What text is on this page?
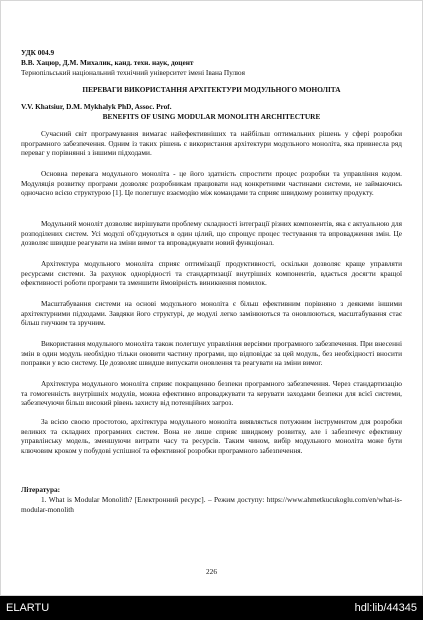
УДК 004.9

В.В. Хацюр, Д.М. Михалик, канд. техн. наук, доцент

Тернопільський національний технічний університет імені Івана Пулюя

ПЕРЕВАГИ ВИКОРИСТАННЯ АРХІТЕКТУРИ МОДУЛЬНОГО МОНОЛІТА

V.V. Khatsiur, D.M. Mykhalyk PhD, Assoc. Prof.

BENEFITS OF USING MODULAR MONOLITH ARCHITECTURE

Сучасний світ програмування вимагає найефективніших та найбільш оптимальних рішень у сфері розробки програмного забезпечення. Одним із таких рішень є використання архітектури модульного моноліта, яка привнесла ряд переваг у порівнянні з іншими підходами.

Основна перевага модульного моноліта - це його здатність спростити процес розробки та управління кодом. Модуляція розвитку програми дозволяє розробникам працювати над конкретними частинами системи, не займаючись одночасно всією структурою [1]. Це полегшує взаємодію між командами та сприяє швидкому розвитку продукту.

Модульний моноліт дозволяє вирішувати проблему складності інтеграції різних компонентів, яка є актуальною для розподілених систем. Усі модулі об'єднуються в один цілий, що спрощує процес тестування та впровадження змін. Це дозволяє швидше реагувати на зміни вимог та впроваджувати новий функціонал.

Архітектура модульного моноліта сприяє оптимізації продуктивності, оскільки дозволяє краще управляти ресурсами системи. За рахунок однорідності та стандартизації внутрішніх компонентів, вдається досягти кращої ефективності роботи програми та зменшити ймовірність виникнення помилок.

Масштабування системи на основі модульного моноліта є більш ефективним порівняно з деякими іншими архітектурними підходами. Завдяки його структурі, де модулі легко замінюються та оновлюються, масштабування стає більш гнучким та зручним.

Використання модульного моноліта також полегшує управління версіями програмного забезпечення. При внесенні змін в один модуль необхідно тільки оновити частину програми, що відповідає за цей модуль, без необхідності вносити поправки у всю систему. Це дозволяє швидше випускати оновлення та реагувати на зміни вимог.

Архітектура модульного моноліта сприяє покращенню безпеки програмного забезпечення. Через стандартизацію та гомогенність внутрішніх модулів, можна ефективно впроваджувати та керувати заходами безпеки для всієї системи, забезпечуючи більш високий рівень захисту від потенційних загроз.

За всією своєю простотою, архітектура модульного моноліта виявляється потужним інструментом для розробки великих та складних програмних систем. Вона не лише сприяє швидкому розвитку, але і забезпечує ефективну управлінську модель, зменшуючи витрати часу та ресурсів. Таким чином, вибір модульного моноліта може бути ключовим кроком у побудові успішної та ефективної розробки програмного забезпечення.

Література:

1. What is Modular Monolith? [Електронний ресурс]. – Режим доступу: https://www.ahmetkucukoglu.com/en/what-is-modular-monolith

226

ELARTU	hdl:lib/44345
